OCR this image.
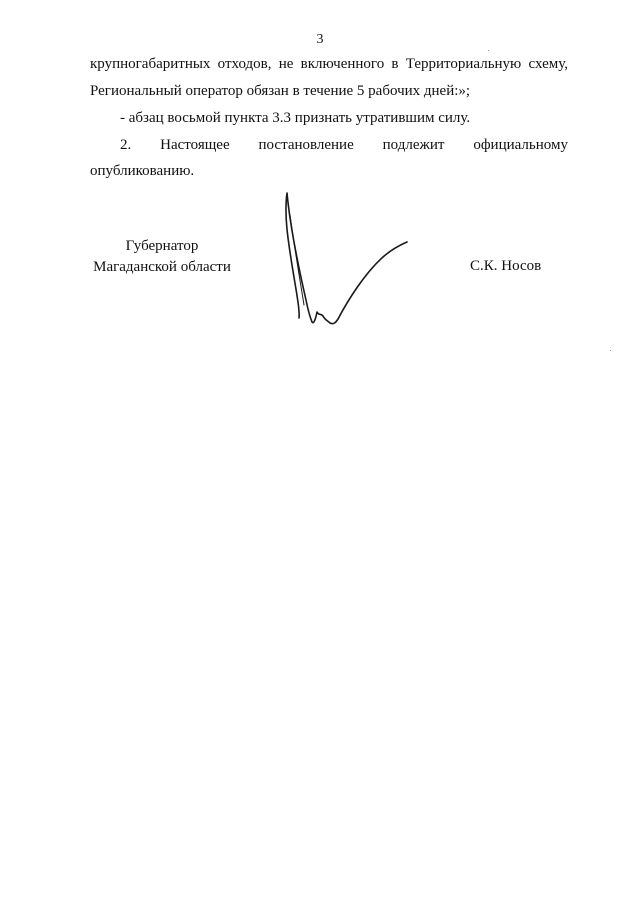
3
крупногабаритных отходов, не включенного в Территориальную схему,
Региональный оператор обязан в течение 5 рабочих дней:»;
- абзац восьмой пункта 3.3 признать утратившим силу.
2. Настоящее постановление подлежит официальному
опубликованию.
Губернатор
Магаданской области	С.К. Носов
